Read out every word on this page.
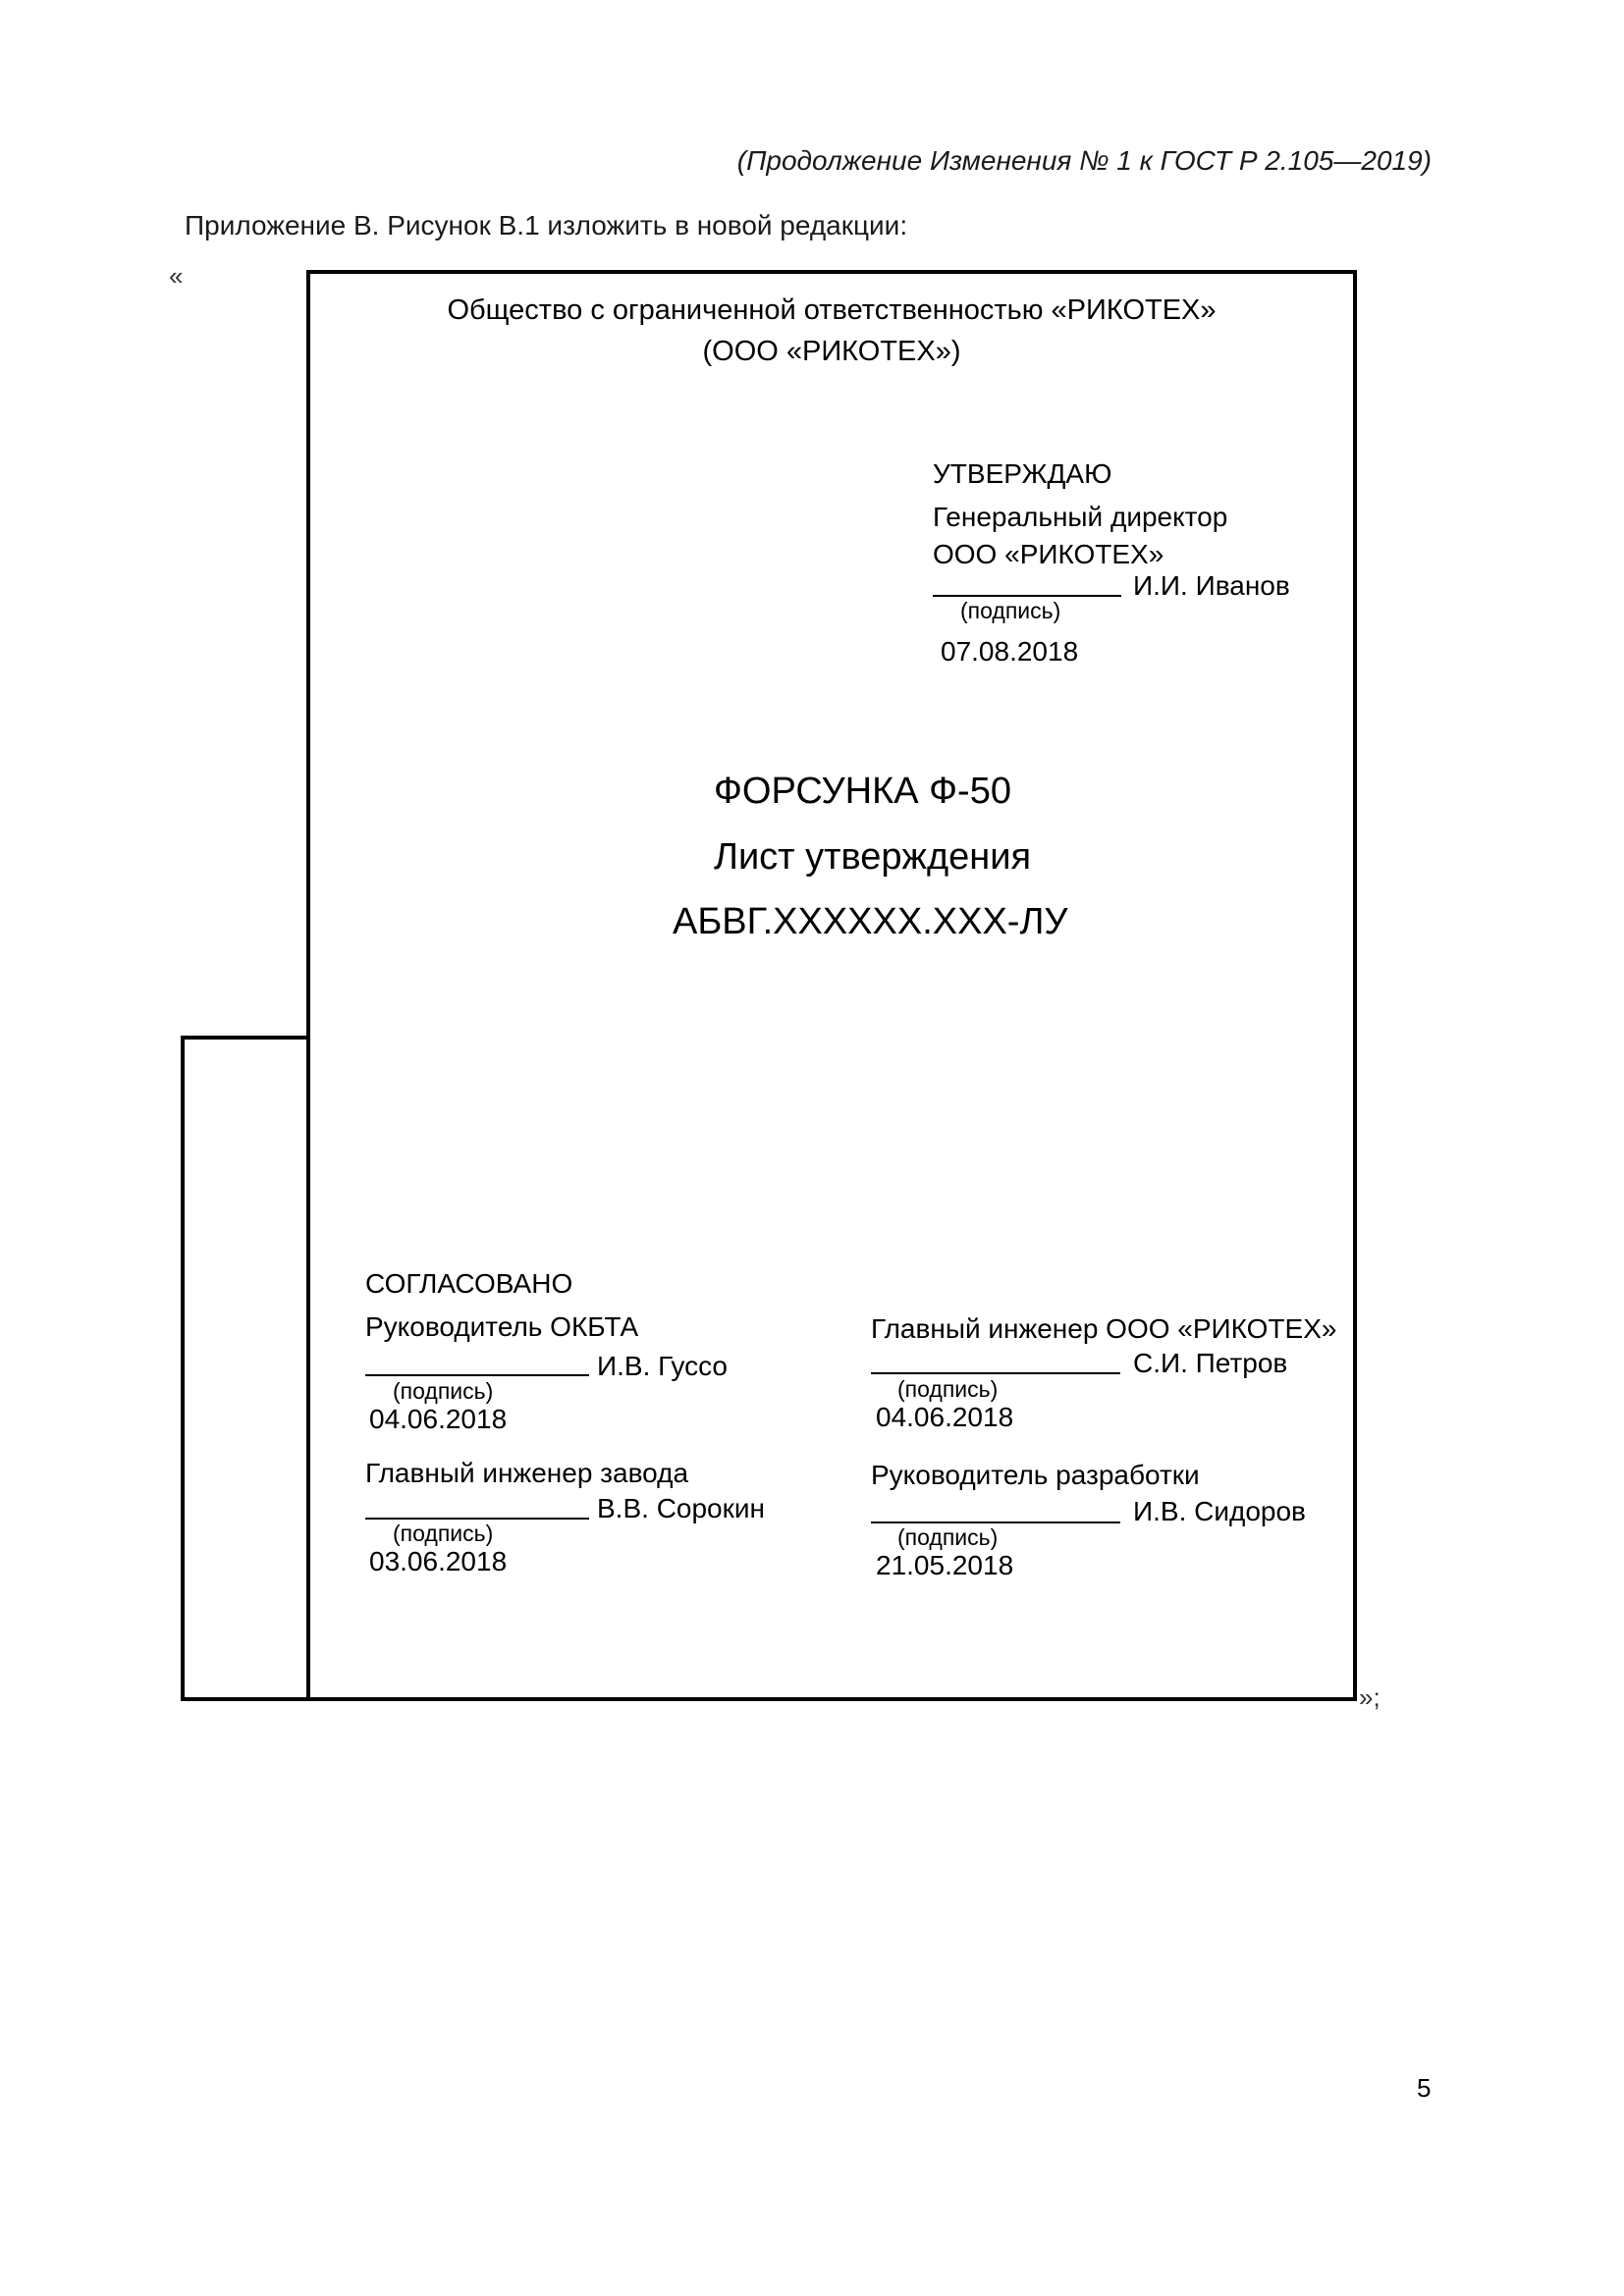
(Продолжение Изменения № 1 к ГОСТ Р 2.105—2019)
Приложение В. Рисунок В.1 изложить в новой редакции:
«
»;
Общество с ограниченной ответственностью «РИКОТЕХ»
(ООО «РИКОТЕХ»)
УТВЕРЖДАЮ
Генеральный директор
ООО «РИКОТЕХ»
И.И. Иванов
(подпись)
07.08.2018
ФОРСУНКА Ф-50
Лист утверждения
АБВГ.XXXXXX.XXX-ЛУ
СОГЛАСОВАНО
Руководитель ОКБТА
И.В. Гуссо
(подпись)
04.06.2018
Главный инженер ООО «РИКОТЕХ»
С.И. Петров
(подпись)
04.06.2018
Главный инженер завода
В.В. Сорокин
(подпись)
03.06.2018
Руководитель разработки
И.В. Сидоров
(подпись)
21.05.2018
5
